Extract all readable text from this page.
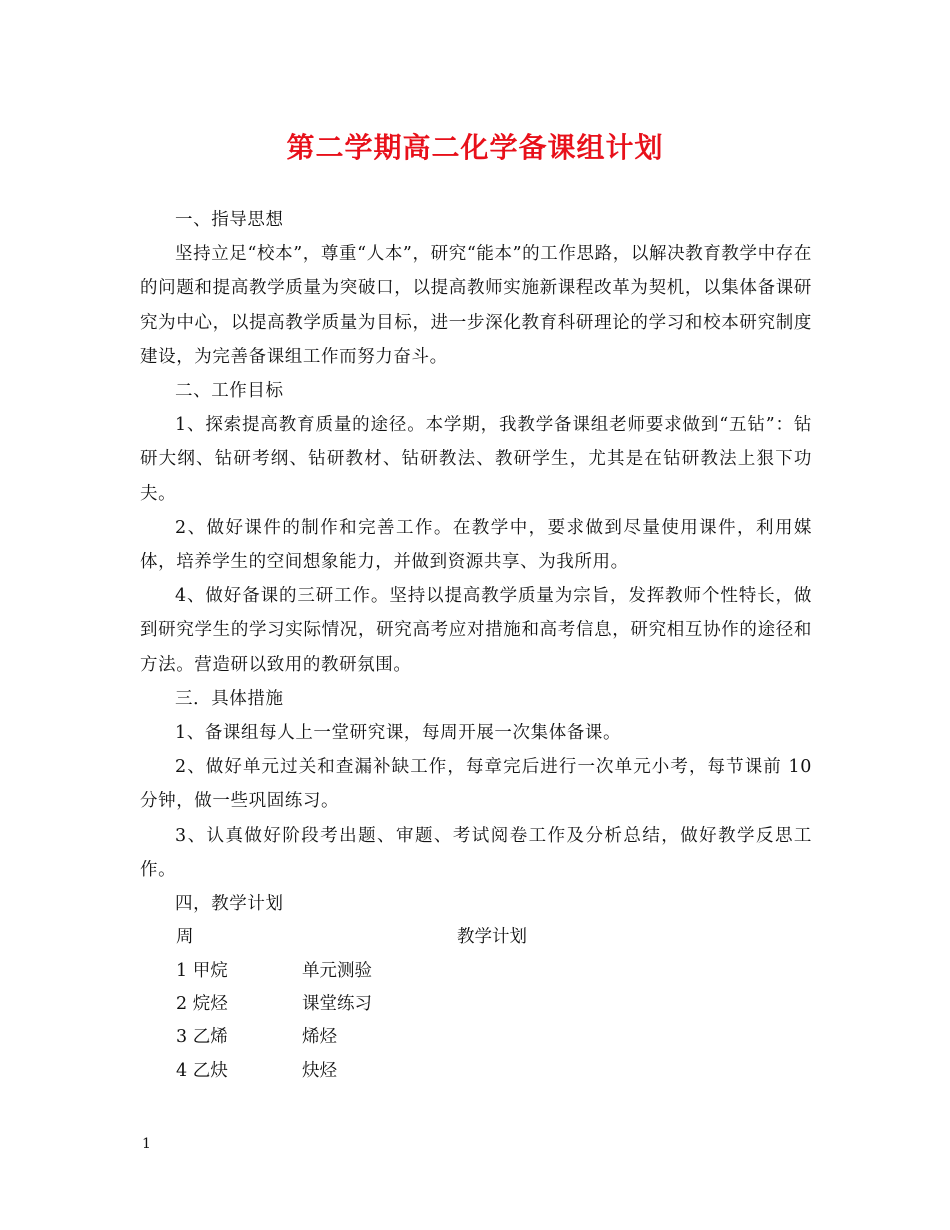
第二学期高二化学备课组计划

一、指导思想

坚持立足“校本”，尊重“人本”，研究“能本”的工作思路，以解决教育教学中存在的问题和提高教学质量为突破口，以提高教师实施新课程改革为契机，以集体备课研究为中心，以提高教学质量为目标，进一步深化教育科研理论的学习和校本研究制度建设，为完善备课组工作而努力奋斗。

二、工作目标

1、探索提高教育质量的途径。本学期，我教学备课组老师要求做到“五钻”：钻研大纲、钻研考纲、钻研教材、钻研教法、教研学生，尤其是在钻研教法上狠下功夫。

2、做好课件的制作和完善工作。在教学中，要求做到尽量使用课件，利用媒体，培养学生的空间想象能力，并做到资源共享、为我所用。

4、做好备课的三研工作。坚持以提高教学质量为宗旨，发挥教师个性特长，做到研究学生的学习实际情况，研究高考应对措施和高考信息，研究相互协作的途径和方法。营造研以致用的教研氛围。

三．具体措施

1、备课组每人上一堂研究课，每周开展一次集体备课。

2、做好单元过关和查漏补缺工作，每章完后进行一次单元小考，每节课前 10 分钟，做一些巩固练习。

3、认真做好阶段考出题、审题、考试阅卷工作及分析总结，做好教学反思工作。

四，教学计划

周	教学计划
1 甲烷	单元测验
2 烷烃	课堂练习
3 乙烯	烯烃
4 乙炔	炔烃
1
